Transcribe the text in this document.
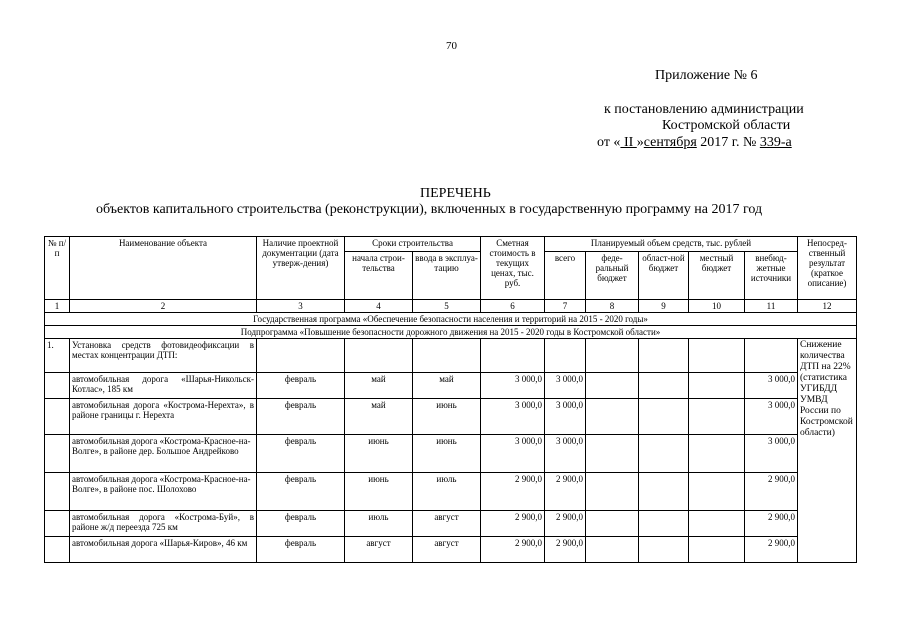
70
Приложение № 6
к постановлению администрации
Костромской области
от « II »сентября 2017 г. № 339-а
ПЕРЕЧЕНЬ
объектов капитального строительства (реконструкции), включенных в государственную программу на 2017 год
№ п/п	Наименование объекта	Наличие проектной документации (дата утверж-дения)	Сроки строительства		Сметная стоимость в текущих ценах, тыс. руб.	Планируемый объем средств, тыс. рублей					Непосред-ственный результат (краткое описание)
			начала строи-тельства	ввода в эксплуа-тацию		всего	феде-ральный бюджет	област-ной бюджет	местный бюджет	внебюд-жетные источники	
1	2	3	4	5	6	7	8	9	10	11	12
Государственная программа «Обеспечение безопасности населения и территорий на 2015 - 2020 годы»											
Подпрограмма «Повышение безопасности дорожного движения на 2015 - 2020 годы в Костромской области»											
1.	Установка средств фотовидеофиксации в местах концентрации ДТП:										Снижение количества ДТП на 22% (статистика УГИБДД УМВД России по Костромской области)
	автомобильная дорога «Шарья-Никольск-Котлас», 185 км	февраль	май	май	3 000,0	3 000,0				3 000,0	
	автомобильная дорога «Кострома-Нерехта», в районе границы г. Нерехта	февраль	май	июнь	3 000,0	3 000,0				3 000,0	
	автомобильная дорога «Кострома-Красное-на-Волге», в районе дер. Большое Андрейково	февраль	июнь	июнь	3 000,0	3 000,0				3 000,0	
	автомобильная дорога «Кострома-Красное-на-Волге», в районе пос. Шолохово	февраль	июнь	июль	2 900,0	2 900,0				2 900,0	
	автомобильная дорога «Кострома-Буй», в районе ж/д переезда 725 км	февраль	июль	август	2 900,0	2 900,0				2 900,0	
	автомобильная дорога «Шарья-Киров», 46 км	февраль	август	август	2 900,0	2 900,0				2 900,0	
